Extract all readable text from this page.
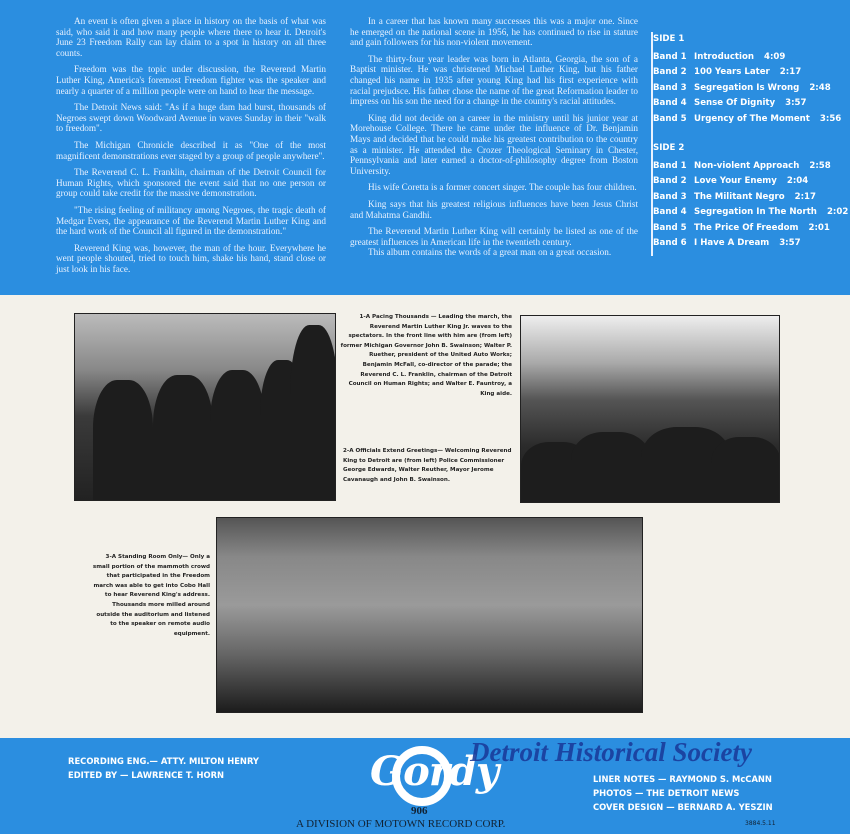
An event is often given a place in history on the basis of what was said, who said it and how many people where there to hear it. Detroit's June 23 Freedom Rally can lay claim to a spot in history on all three counts.

Freedom was the topic under discussion, the Reverend Martin Luther King, America's foremost Freedom fighter was the speaker and nearly a quarter of a million people were on hand to hear the message.

The Detroit News said: "As if a huge dam had burst, thousands of Negroes swept down Woodward Avenue in waves Sunday in their "walk to freedom".

The Michigan Chronicle described it as "One of the most magnificent demonstrations ever staged by a group of people anywhere".

The Reverend C. L. Franklin, chairman of the Detroit Council for Human Rights, which sponsored the event said that no one person or group could take credit for the massive demonstration.

"The rising feeling of militancy among Negroes, the tragic death of Medgar Evers, the appearance of the Reverend Martin Luther King and the hard work of the Council all figured in the demonstration."

Reverend King was, however, the man of the hour. Everywhere he went people shouted, tried to touch him, shake his hand, stand close or just look in his face.

In a career that has known many successes this was a major one. Since he emerged on the national scene in 1956, he has continued to rise in stature and gain followers for his non-violent movement.

The thirty-four year leader was born in Atlanta, Georgia, the son of a Baptist minister. He was christened Michael Luther King, but his father changed his name in 1935 after young King had his first experience with racial prejudsce. His father chose the name of the great Reformation leader to impress on his son the need for a change in the country's racial attitudes.

King did not decide on a career in the ministry until his junior year at Morehouse College. There he came under the influence of Dr. Benjamin Mays and decided that he could make his greatest contribution to the country as a minister. He attended the Crozer Theological Seminary in Chester, Pennsylvania and later earned a doctor-of-philosophy degree from Boston University.

His wife Coretta is a former concert singer. The couple has four children.

King says that his greatest religious influences have been Jesus Christ and Mahatma Gandhi.

The Reverend Martin Luther King will certainly be listed as one of the greatest influences in American life in the twentieth century.

This album contains the words of a great man on a great occasion.

SIDE 1
Band 1 Introduction 4:09
Band 2 100 Years Later 2:17
Band 3 Segregation Is Wrong 2:48
Band 4 Sense Of Dignity 3:57
Band 5 Urgency of The Moment 3:56
SIDE 2
Band 1 Non-violent Approach 2:58
Band 2 Love Your Enemy 2:04
Band 3 The Militant Negro 2:17
Band 4 Segregation In The North 2:02
Band 5 The Price Of Freedom 2:01
Band 6 I Have A Dream 3:57
1-A Pacing Thousands — Leading the march, the Reverend Martin Luther King Jr. waves to the spectators. In the front line with him are (from left) former Michigan Governor John B. Swainson; Walter P. Ruether, president of the United Auto Works; Benjamin McFall, co-director of the parade; the Reverend C. L. Franklin, chairman of the Detroit Council on Human Rights; and Walter E. Fauntroy, a King aide.
2-A Officials Extend Greetings— Welcoming Reverend King to Detroit are (from left) Police Commissioner George Edwards, Walter Reuther, Mayor Jerome Cavanaugh and John B. Swainson.
3-A Standing Room Only— Only a small portion of the mammoth crowd that participated in the Freedom march was able to get into Cobo Hall to hear Reverend King's address. Thousands more milled around outside the auditorium and listened to the speaker on remote audio equipment.
RECORDING ENG.— ATTY. MILTON HENRY
EDITED BY — LAWRENCE T. HORN	LINER NOTES — RAYMOND S. McCANN
PHOTOS — THE DETROIT NEWS
COVER DESIGN — BERNARD A. YESZIN
Gordy
906
A DIVISION OF MOTOWN RECORD CORP.
Detroit Historical Society
3884.5.11
